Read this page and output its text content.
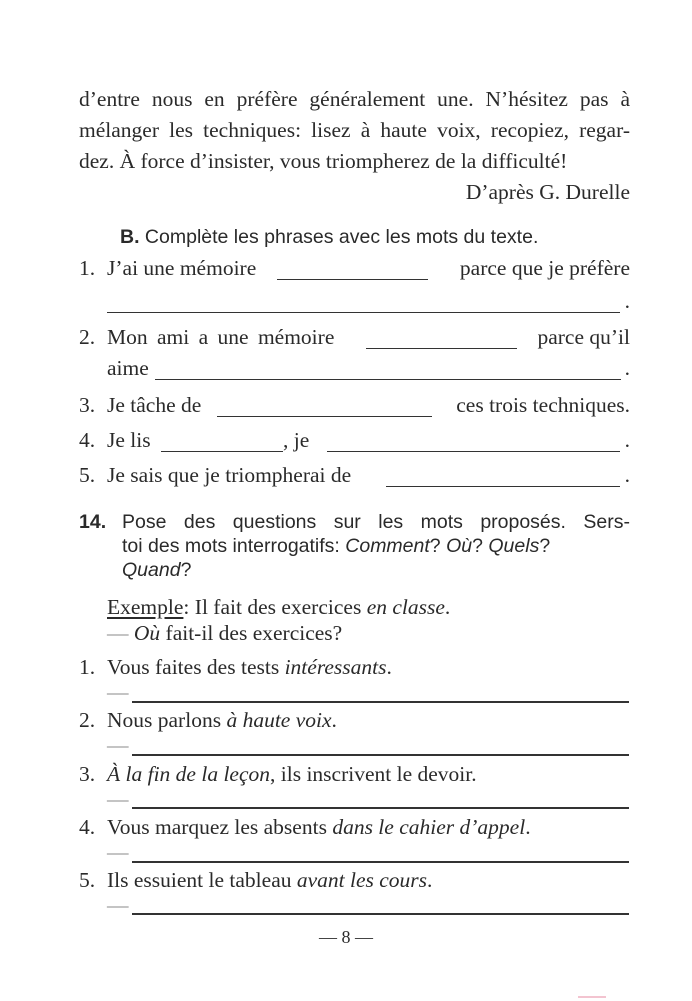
d’entre nous en préfère généralement une. N’hésitez pas à
mélanger les techniques: lisez à haute voix, recopiez, regar-
dez. À force d’insister, vous triompherez de la difficulté!
D’après G. Durelle
B. Complète les phrases avec les mots du texte.
1. J’ai une mémoire	parce que je préfère
.
2. Mon ami a une mémoire	parce qu’il
aime	.
3. Je tâche de	ces trois techniques.
4. Je lis	, je	.
5. Je sais que je triompherai de	.
14. Pose des questions sur les mots proposés. Sers-
toi des mots interrogatifs: Comment? Où? Quels?
Quand?
Exemple: Il fait des exercices en classe.
— Où fait-il des exercices?
1. Vous faites des tests intéressants.
—
2. Nous parlons à haute voix.
—
3. À la fin de la leçon, ils inscrivent le devoir.
—
4. Vous marquez les absents dans le cahier d’appel.
—
5. Ils essuient le tableau avant les cours.
—
— 8 —
